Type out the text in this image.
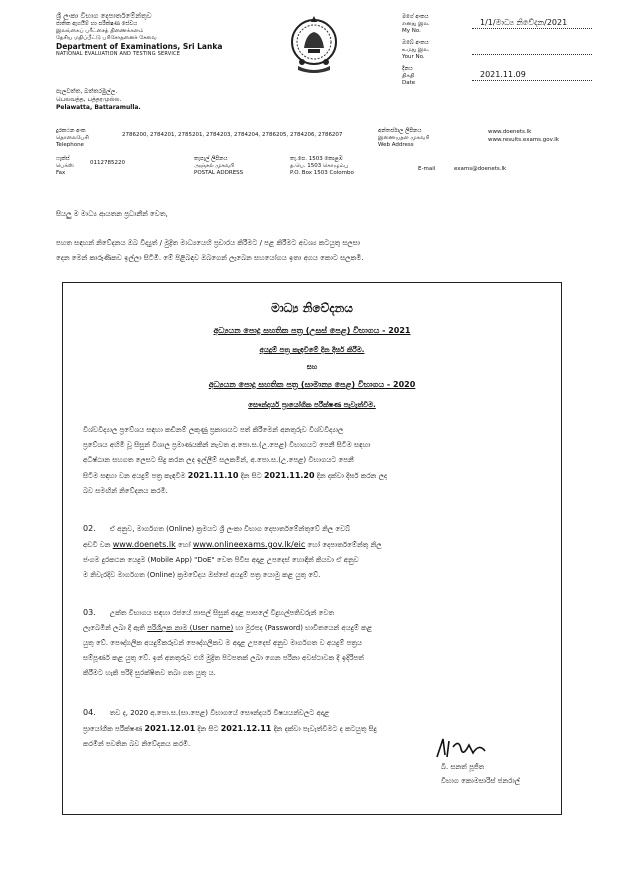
ශ්‍රී ලංකා විභාග දෙපාර්තමේන්තුව
ජාතික ඇගයීම් හා පරීක්ෂණ සේවය
இலங்கைப் பரீட்சைத் திணைக்களம்
தேசிய மதிப்பீட்டு பரிசோதனைச் சேவை
Department of Examinations, Sri Lanka
NATIONAL EVALUATION AND TESTING SERVICE
මගේ අංකය
எனது இல.
My No.
1/1/මාධ්‍ය නිවේදන/2021
ඔබේ අංකය
உமது இல.
Your No.
දිනය
திகதி
Date
2021.11.09
පැලවත්ත, බත්තරමුල්ල.
பெலவத்த, பத்தரமுல்ல.
Pelawatta, Battaramulla.
දුරකථන අංක
தொலைபேசி
Telephone
2786200, 2784201, 2785201, 2784203, 2784204, 2786205, 2784206, 2786207
අන්තර්ජාල ලිපිනය
இணையதள முகவரி
Web Address
www.doenets.lk
www.results.exams.gov.lk
ෆැක්ස්
பெக்ஸ்
Fax
0112785220
තැපැල් ලිපිනය
அஞ்சல் முகவரி
POSTAL ADDRESS
තැ.පෙ. 1503 කොළඹ
த.பெ. 1503 கொழும்பு
P.O. Box 1503 Colombo
E-mail	exams@doenets.lk
සියලු ම මාධ්‍ය ආයතන ප්‍රධානීන් වෙත,
පහත සඳහන් නිවේදනය ඔබ විද්‍යුත් / මුද්‍රිත මාධ්‍යයෙහි ප්‍රචාරය කිරීමට / පළ කිරීමට අවශ්‍ය කටයුතු සලසා
දෙන මෙන් කාරුණිකව ඉල්ලා සිටිමි. මේ පිළිබඳව ඔබගෙන් ලැබෙන සහයෝගය ඉතා අගය කොට සලකමි.
මාධ්‍ය නිවේදනය
අධ්‍යයන පොදු සහතික පත්‍ර (උසස් පෙළ) විභාගය - 2021
අයදුම් පත්‍ර කැඳවීමේ දින දීර්ඝ කිරීම.
සහ
අධ්‍යයන පොදු සහතික පත්‍ර (සාමාන්‍ය පෙළ) විභාගය - 2020
සෞන්දර්ය ප්‍රායෝගික පරීක්ෂණ පැවැත්වීම.
විශ්වවිද්‍යාල ප්‍රවේශය සඳහා කඩිනම් ලකුණු ප්‍රකාශයට පත් කිරීමෙන් අනතුරුව විශ්වවිද්‍යාල
ප්‍රවේශය අහිමි වූ සිසුන් විශාල ප්‍රමාණයකින් නැවත අ.පො.ස.(උ.පෙළ) විභාගයට පෙනී සිටීම සඳහා
අධිෂ්ඨාන සහගත ලෙසට සිදු කරන ලද ඉල්ලීම් සලකමින්, අ.පො.ස.(උ.පෙළ) විභාගයට පෙනී
සිටීම සඳහා වන අයදුම් පත්‍ර කැඳවීම 2021.11.10 දින සිට 2021.11.20 දින දක්වා දීර්ඝ කරන ලද
බව සමඟින් නිවේදනය කරමි.
02. ඒ අනුව, මාර්ගගත (Online) ක්‍රමයට ශ්‍රී ලංකා විභාග දෙපාර්තමේන්තුවේ නිල වෙබ්
අඩවි වන www.doenets.lk හෝ www.onlineexams.gov.lk/eic හෝ දෙපාර්තමේන්තු නිල
ජංගම දුරකථන යෙදුම (Mobile App) "DoE" වෙත පිවිස අදාළ උපදෙස් හොඳින් කියවා ඒ අනුව
ම නිවැරදිව මාර්ගගත (Online) ක්‍රමවේදය ඔස්සේ අයදුම් පත්‍ර යොමු කළ යුතු වේ.
03. උක්ත විභාගය සඳහා රජයේ පාසල් සිසුන් අදාළ පාසලේ විදුහල්පතිවරුන් වෙත
ලැබෙමින් ලබා දී ඇති පරිශීලක නාම (User name) හා මුරපද (Password) භාවිතයෙන් අයදුම් කළ
යුතු වේ. පෞද්ගලික අයදුම්කරුවන් පෞද්ගලිකව ම අදාළ උපදෙස් අනුව මාර්ගගත ව අයදුම් පත්‍රය
සම්පූර්ණ කළ යුතු වේ. ඉන් අනතුරුව එහි මුද්‍රිත පිටපතක් ලබා ගෙන පරිනා අවස්ථාවක දී ඉදිරිපත්
කිරීමට හැකි පරිදි සුරක්ෂිතව තබා ගත යුතු ය.
04. තව ද, 2020 අ.පො.ස.(සා.පෙළ) විභාගයේ සෞන්දර්ය විෂයයන්වලට අදාළ
ප්‍රායෝගික පරීක්ෂණ 2021.12.01 දින සිට 2021.12.11 දින දක්වා පැවැත්වීමට ද කටයුතු සිදු
කරමින් පවතින බව නිවේදනය කරමි.
බී. සනත් පූජිත
විභාග කොමසාරිස් ජනරාල්
